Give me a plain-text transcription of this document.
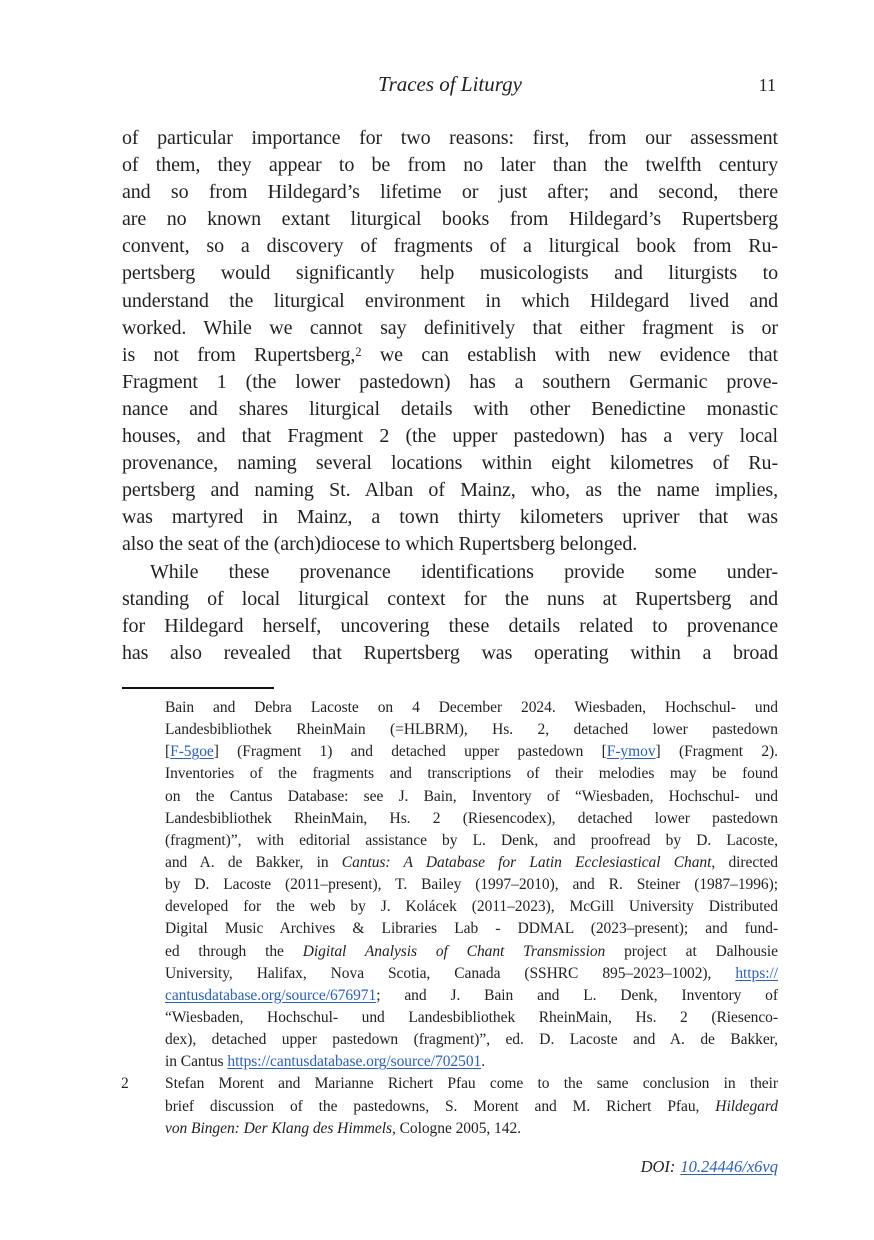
Traces of Liturgy	11
of particular importance for two reasons: first, from our assessment
of them, they appear to be from no later than the twelfth century
and so from Hildegard’s lifetime or just after; and second, there
are no known extant liturgical books from Hildegard’s Rupertsberg
convent, so a discovery of fragments of a liturgical book from Ru-
pertsberg would significantly help musicologists and liturgists to
understand the liturgical environment in which Hildegard lived and
worked. While we cannot say definitively that either fragment is or
is not from Rupertsberg,$^2$ we can establish with new evidence that
Fragment 1 (the lower pastedown) has a southern Germanic prove-
nance and shares liturgical details with other Benedictine monastic
houses, and that Fragment 2 (the upper pastedown) has a very local
provenance, naming several locations within eight kilometres of Ru-
pertsberg and naming St. Alban of Mainz, who, as the name implies,
was martyred in Mainz, a town thirty kilometers upriver that was
also the seat of the (arch)diocese to which Rupertsberg belonged.
While these provenance identifications provide some under-
standing of local liturgical context for the nuns at Rupertsberg and
for Hildegard herself, uncovering these details related to provenance
has also revealed that Rupertsberg was operating within a broad
Bain and Debra Lacoste on 4 December 2024. Wiesbaden, Hochschul- und
Landesbibliothek RheinMain (=HLBRM), Hs. 2, detached lower pastedown
[F-5goe] (Fragment 1) and detached upper pastedown [F-ymov] (Fragment 2).
Inventories of the fragments and transcriptions of their melodies may be found
on the Cantus Database: see J. Bain, Inventory of “Wiesbaden, Hochschul- und
Landesbibliothek RheinMain, Hs. 2 (Riesencodex), detached lower pastedown
(fragment)”, with editorial assistance by L. Denk, and proofread by D. Lacoste,
and A. de Bakker, in Cantus: A Database for Latin Ecclesiastical Chant, directed
by D. Lacoste (2011–present), T. Bailey (1997–2010), and R. Steiner (1987–1996);
developed for the web by J. Kolácek (2011–2023), McGill University Distributed
Digital Music Archives & Libraries Lab - DDMAL (2023–present); and fund-
ed through the Digital Analysis of Chant Transmission project at Dalhousie
University, Halifax, Nova Scotia, Canada (SSHRC 895–2023–1002), https://
cantusdatabase.org/source/676971; and J. Bain and L. Denk, Inventory of
“Wiesbaden, Hochschul- und Landesbibliothek RheinMain, Hs. 2 (Riesenco-
dex), detached upper pastedown (fragment)”, ed. D. Lacoste and A. de Bakker,
in Cantus https://cantusdatabase.org/source/702501.
2	Stefan Morent and Marianne Richert Pfau come to the same conclusion in their
brief discussion of the pastedowns, S. Morent and M. Richert Pfau, Hildegard
von Bingen: Der Klang des Himmels, Cologne 2005, 142.
DOI: 10.24446/x6vq
